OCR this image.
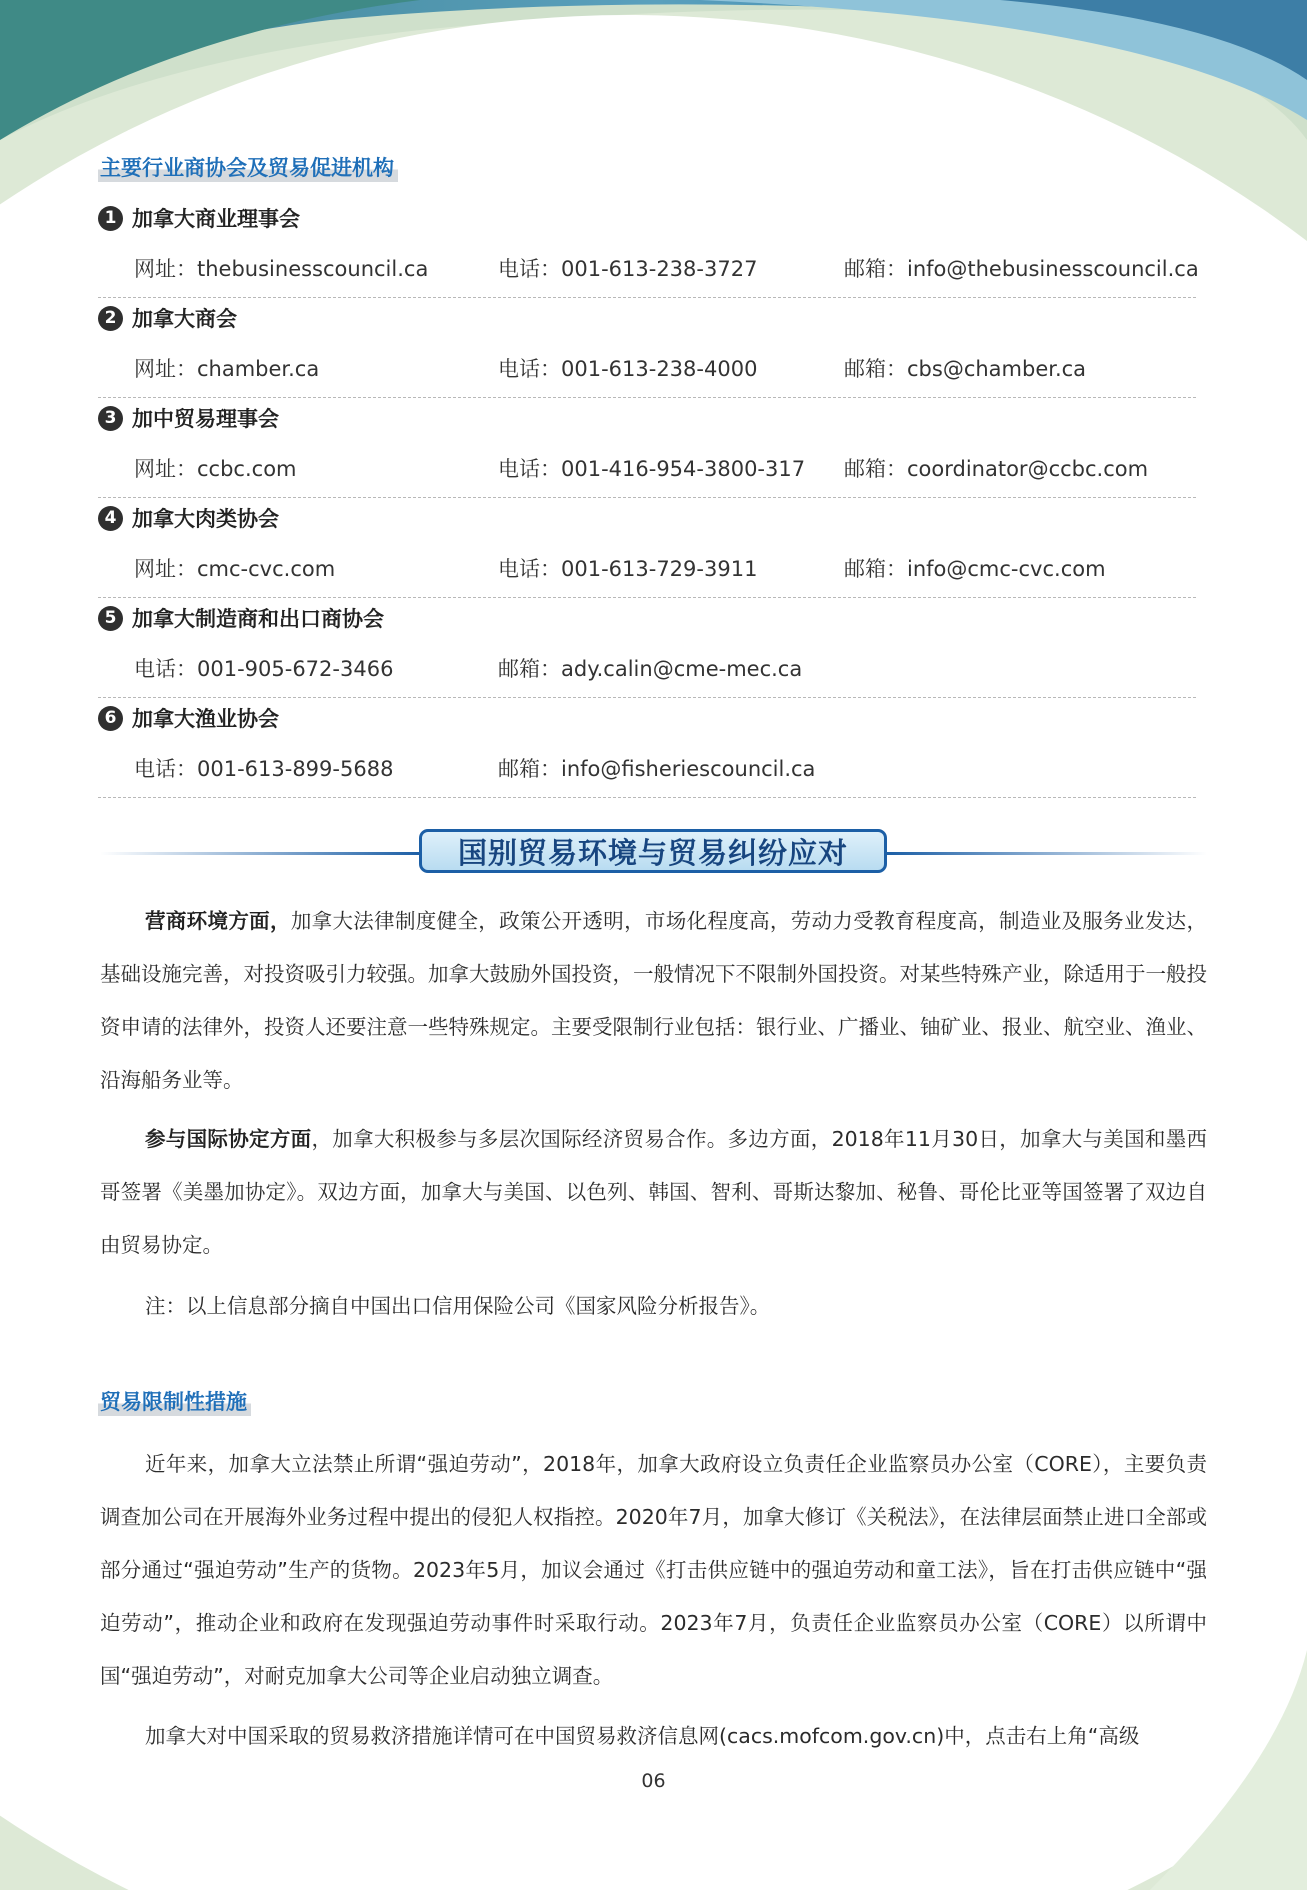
主要行业商协会及贸易促进机构
1 加拿大商业理事会
网址：thebusinesscouncil.ca	电话：001-613-238-3727	邮箱：info@thebusinesscouncil.ca
2 加拿大商会
网址：chamber.ca	电话：001-613-238-4000	邮箱：cbs@chamber.ca
3 加中贸易理事会
网址：ccbc.com	电话：001-416-954-3800-317 邮箱：coordinator@ccbc.com
4 加拿大肉类协会
网址：cmc-cvc.com	电话：001-613-729-3911	邮箱：info@cmc-cvc.com
5 加拿大制造商和出口商协会
电话：001-905-672-3466	邮箱：ady.calin@cme-mec.ca
6 加拿大渔业协会
电话：001-613-899-5688	邮箱：info@fisheriescouncil.ca
国别贸易环境与贸易纠纷应对

营商环境方面，加拿大法律制度健全，政策公开透明，市场化程度高，劳动力受教育程度高，制造业及服务业发达，基础设施完善，对投资吸引力较强。加拿大鼓励外国投资，一般情况下不限制外国投资。对某些特殊产业，除适用于一般投资申请的法律外，投资人还要注意一些特殊规定。主要受限制行业包括：银行业、广播业、铀矿业、报业、航空业、渔业、沿海船务业等。

参与国际协定方面，加拿大积极参与多层次国际经济贸易合作。多边方面，2018年11月30日，加拿大与美国和墨西哥签署《美墨加协定》。双边方面，加拿大与美国、以色列、韩国、智利、哥斯达黎加、秘鲁、哥伦比亚等国签署了双边自由贸易协定。

注：以上信息部分摘自中国出口信用保险公司《国家风险分析报告》。

贸易限制性措施

近年来，加拿大立法禁止所谓“强迫劳动”，2018年，加拿大政府设立负责任企业监察员办公室（CORE），主要负责调查加公司在开展海外业务过程中提出的侵犯人权指控。2020年7月，加拿大修订《关税法》，在法律层面禁止进口全部或部分通过“强迫劳动”生产的货物。2023年5月，加议会通过《打击供应链中的强迫劳动和童工法》，旨在打击供应链中“强迫劳动”，推动企业和政府在发现强迫劳动事件时采取行动。2023年7月，负责任企业监察员办公室（CORE）以所谓中国“强迫劳动”，对耐克加拿大公司等企业启动独立调查。

加拿大对中国采取的贸易救济措施详情可在中国贸易救济信息网(cacs.mofcom.gov.cn)中，点击右上角“高级

06
